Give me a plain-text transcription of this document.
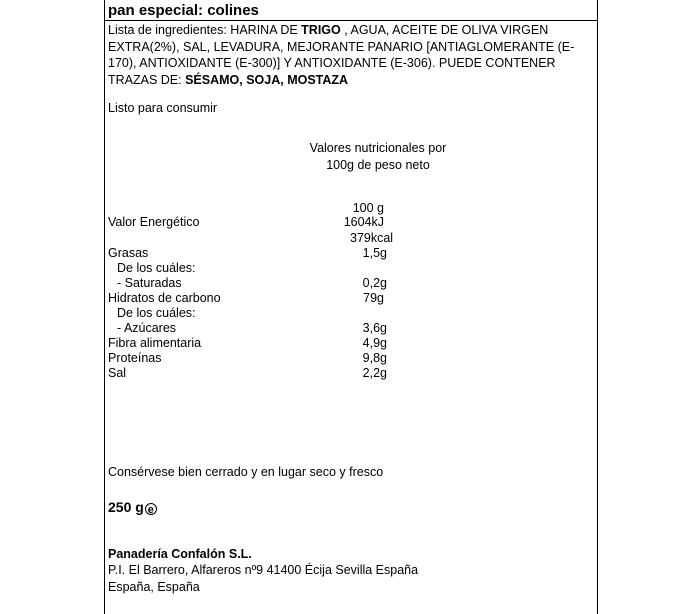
pan especial: colines
Lista de ingredientes: HARINA DE TRIGO , AGUA, ACEITE DE OLIVA VIRGEN EXTRA(2%), SAL, LEVADURA, MEJORANTE PANARIO [ANTIAGLOMERANTE (E-170), ANTIOXIDANTE (E-300)] Y ANTIOXIDANTE (E-306). PUEDE CONTENER TRAZAS DE: SÉSAMO, SOJA, MOSTAZA
Listo para consumir
Valores nutricionales por
100g de peso neto
100 g
Valor Energético	1604kJ
379kcal
Grasas	1,5g
De los cuáles:
- Saturadas	0,2g
Hidratos de carbono	79g
De los cuáles:
- Azúcares	3,6g
Fibra alimentaria	4,9g
Proteínas	9,8g
Sal	2,2g
Consérvese bien cerrado y en lugar seco y fresco
250 g e
Panadería Confalón S.L.
P.I. El Barrero, Alfareros nº9 41400 Écija Sevilla España
España, España
